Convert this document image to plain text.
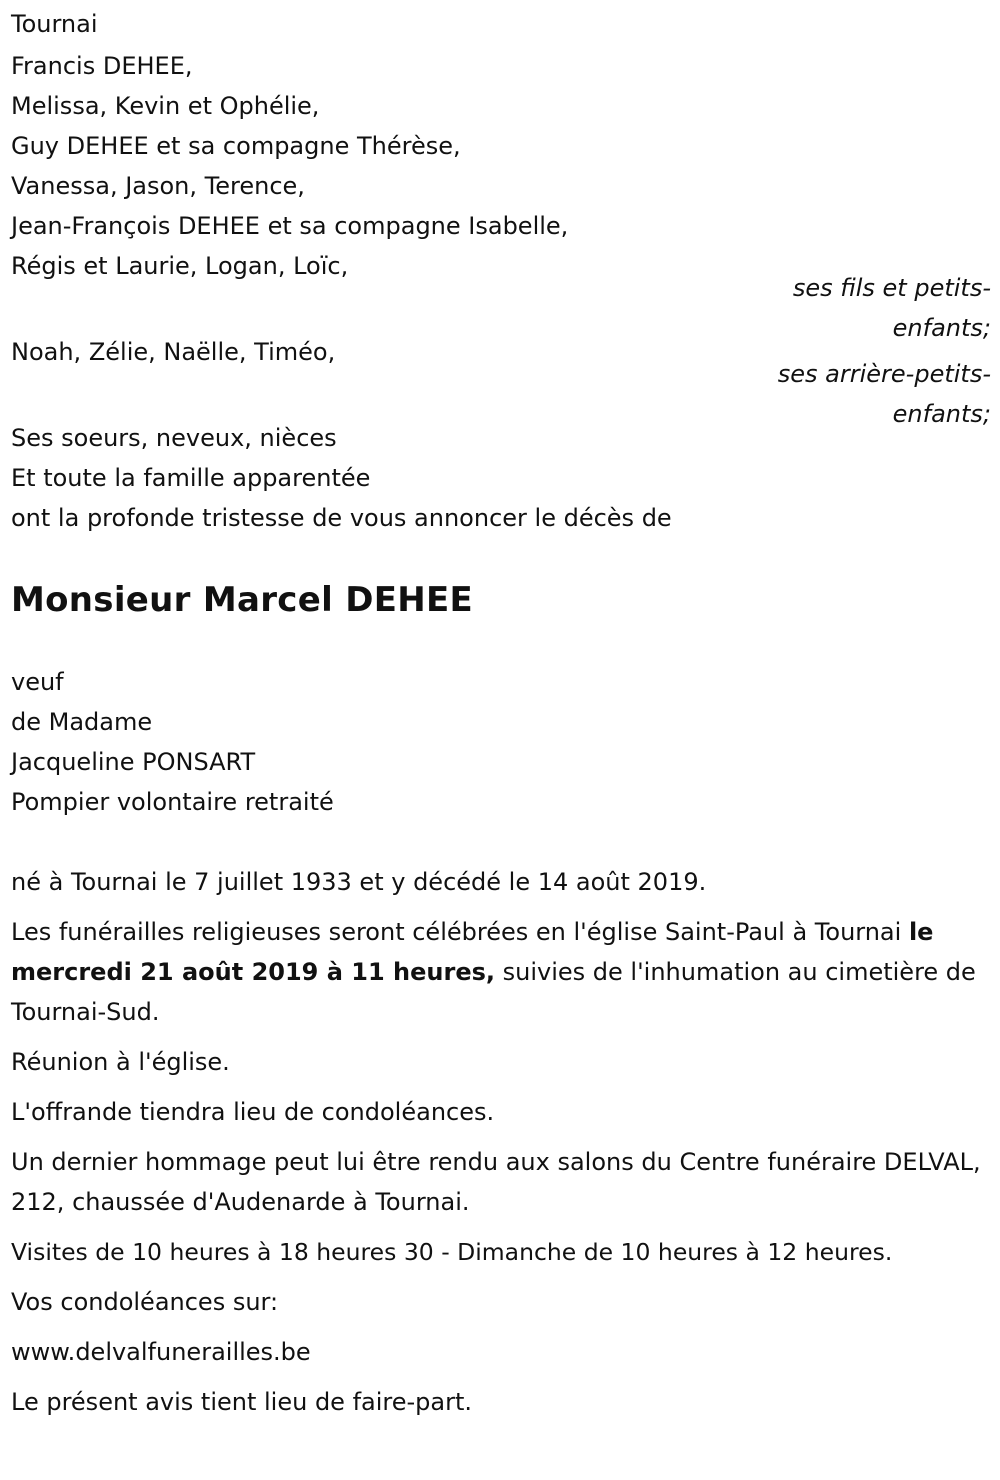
Tournai
Francis DEHEE,
Melissa, Kevin et Ophélie,
Guy DEHEE et sa compagne Thérèse,
Vanessa, Jason, Terence,
Jean-François DEHEE et sa compagne Isabelle,
Régis et Laurie, Logan, Loïc,
ses fils et petits-
enfants;
Noah, Zélie, Naëlle, Timéo,
ses arrière-petits-
enfants;
Ses soeurs, neveux, nièces
Et toute la famille apparentée
ont la profonde tristesse de vous annoncer le décès de
Monsieur Marcel DEHEE
veuf
de Madame
Jacqueline PONSART
Pompier volontaire retraité

né à Tournai le 7 juillet 1933 et y décédé le 14 août 2019.

Les funérailles religieuses seront célébrées en l'église Saint-Paul à Tournai le mercredi 21 août 2019 à 11 heures, suivies de l'inhumation au cimetière de Tournai-Sud.

Réunion à l'église.

L'offrande tiendra lieu de condoléances.

Un dernier hommage peut lui être rendu aux salons du Centre funéraire DELVAL, 212, chaussée d'Audenarde à Tournai.

Visites de 10 heures à 18 heures 30 - Dimanche de 10 heures à 12 heures.

Vos condoléances sur:

www.delvalfunerailles.be

Le présent avis tient lieu de faire-part.
